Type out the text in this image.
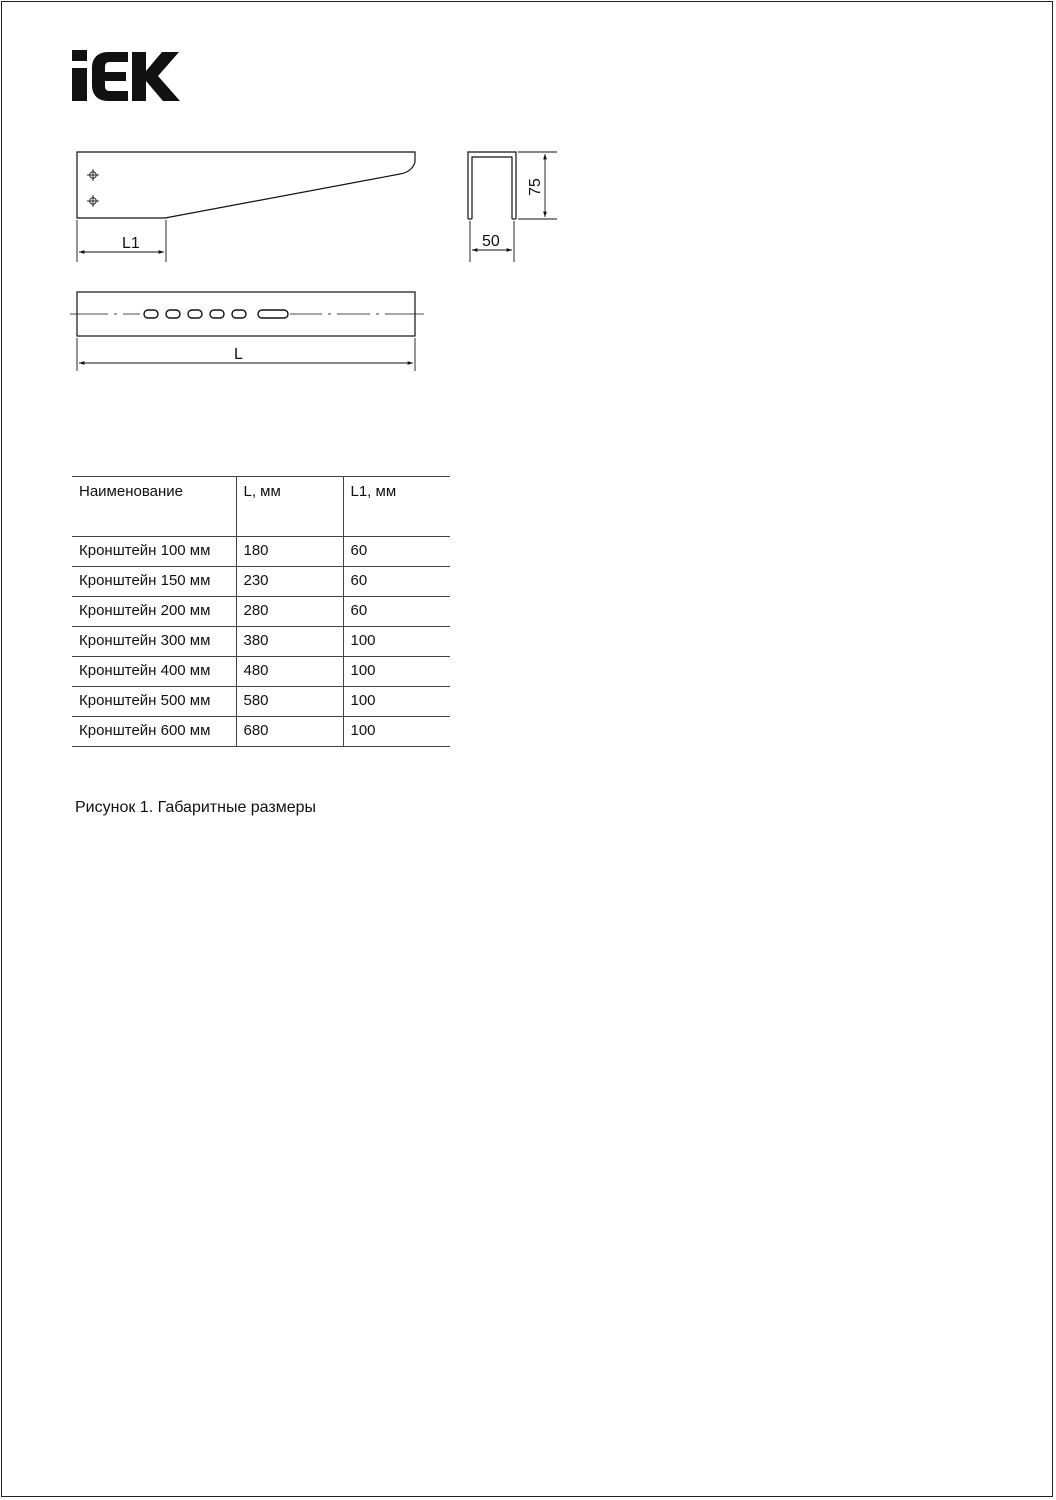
L1
75
50
L
Наименование	L, мм	L1, мм
Кронштейн 100 мм	180	60
Кронштейн 150 мм	230	60
Кронштейн 200 мм	280	60
Кронштейн 300 мм	380	100
Кронштейн 400 мм	480	100
Кронштейн 500 мм	580	100
Кронштейн 600 мм	680	100
Рисунок 1. Габаритные размеры
